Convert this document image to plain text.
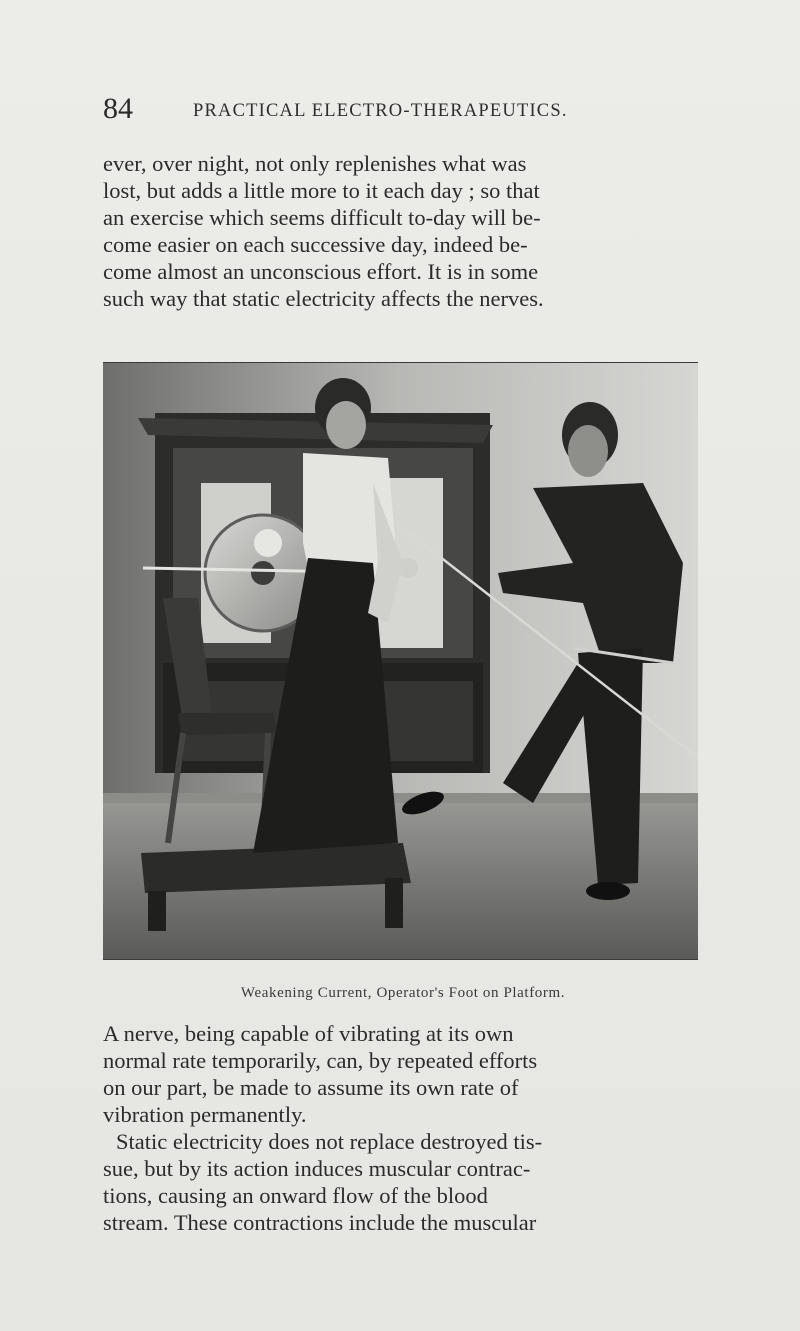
84	PRACTICAL ELECTRO-THERAPEUTICS.
ever, over night, not only replenishes what was
lost, but adds a little more to it each day ; so that
an exercise which seems difficult to-day will be-
come easier on each successive day, indeed be-
come almost an unconscious effort. It is in some
such way that static electricity affects the nerves.
Weakening Current, Operator's Foot on Platform.
A nerve, being capable of vibrating at its own
normal rate temporarily, can, by repeated efforts
on our part, be made to assume its own rate of
vibration permanently.
Static electricity does not replace destroyed tis-
sue, but by its action induces muscular contrac-
tions, causing an onward flow of the blood
stream. These contractions include the muscular
